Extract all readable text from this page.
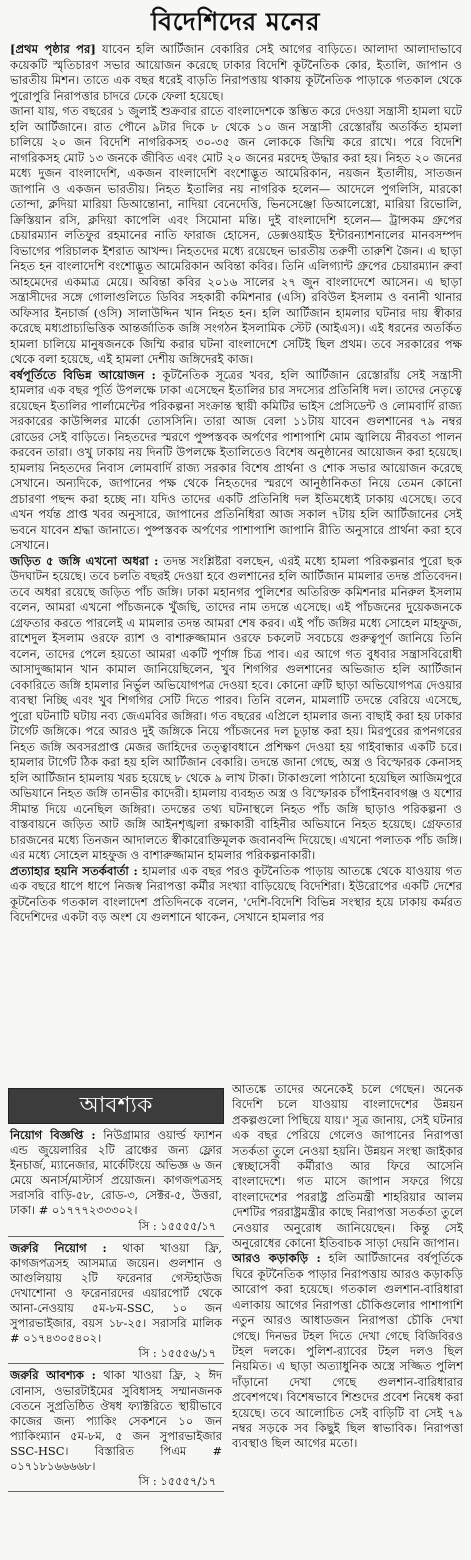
বিদেশিদের মনের

[প্রথম পৃষ্ঠার পর] যাবেন হলি আর্টিজান বেকারির সেই আগের বাড়িতে। আলাদা আলাদাভাবে কয়েকটি স্মৃতিচারণ সভার আয়োজন করেছে ঢাকার বিদেশি কূটনৈতিক কোর, ইতালি, জাপান ও ভারতীয় মিশন। তাতে এক বছর ধরেই বাড়তি নিরাপত্তায় থাকায় কূটনৈতিক পাড়াকে গতকাল থেকে পুরোপুরি নিরাপত্তার চাদরে ঢেকে ফেলা হয়েছে।

জানা যায়, গত বছরের ১ জুলাই শুক্রবার রাতে বাংলাদেশকে স্তম্ভিত করে দেওয়া সন্ত্রাসী হামলা ঘটে হলি আর্টিজানে। রাত পৌনে ৯টার দিকে ৮ থেকে ১০ জন সন্ত্রাসী রেস্তোরাঁয় অতর্কিত হামলা চালিয়ে ২০ জন বিদেশি নাগরিকসহ ৩০-৩৫ জন লোককে জিম্মি করে রাখে। পরে বিদেশি নাগরিকসহ মোট ১৩ জনকে জীবিত এবং মোট ২০ জনের মরদেহ উদ্ধার করা হয়। নিহত ২০ জনের মধ্যে দুজন বাংলাদেশি, একজন বাংলাদেশি বংশোদ্ভূত আমেরিকান, নয়জন ইতালীয়, সাতজন জাপানি ও একজন ভারতীয়। নিহত ইতালির নয় নাগরিক হলেন— আদেলে পুগলিসি, মারকো তোন্দা, ক্লদিয়া মারিয়া ডিআন্তোনা, নাদিয়া বেনেদেত্তি, ভিনসেঞ্জো ডিআলেস্ত্রো, মারিয়া রিভোলি, ক্রিস্তিয়ান রসি, ক্লদিয়া কাপেলি এবং সিমোনা মন্তি। দুই বাংলাদেশি হলেন— ট্রান্সকম গ্রুপের চেয়ারম্যান লতিফুর রহমানের নাতি ফারাজ হোসেন, ডেক্সওয়াইড ইন্টারন্যাশনালের মানবসম্পদ বিভাগের পরিচালক ইশরাত আখন্দ। নিহতদের মধ্যে রয়েছেন ভারতীয় তরুণী তারুশি জৈন। এ ছাড়া নিহত হন বাংলাদেশি বংশোদ্ভূত আমেরিকান অবিন্তা কবির। তিনি এলিগ্যান্ট গ্রুপের চেয়ারম্যান রুবা আহমেদের একমাত্র মেয়ে। অবিন্তা কবির ২০১৬ সালের ২৭ জুন বাংলাদেশে আসেন। এ ছাড়া সন্ত্রাসীদের সঙ্গে গোলাগুলিতে ডিবির সহকারী কমিশনার (এসি) রবিউল ইসলাম ও বনানী থানার অফিসার ইনচার্জ (ওসি) সালাউদ্দিন খান নিহত হন। হলি আর্টিজান হামলার ঘটনার দায় স্বীকার করেছে মধ্যপ্রাচ্যভিত্তিক আন্তর্জাতিক জঙ্গি সংগঠন ইসলামিক স্টেট (আইএস)। এই ধরনের অতর্কিত হামলা চালিয়ে মানুষজনকে জিম্মি করার ঘটনা বাংলাদেশে সেটিই ছিল প্রথম। তবে সরকারের পক্ষ থেকে বলা হয়েছে, এই হামলা দেশীয় জঙ্গিদেরই কাজ।

বর্ষপূর্তিতে বিভিন্ন আয়োজন : কূটনৈতিক সূত্রের খবর, হলি আর্টিজান রেস্তোরাঁয় সেই সন্ত্রাসী হামলার এক বছর পূর্তি উপলক্ষে ঢাকা এসেছেন ইতালির চার সদস্যের প্রতিনিধি দল। তাদের নেতৃত্বে রয়েছেন ইতালির পার্লামেন্টের পরিকল্পনা সংক্রান্ত স্থায়ী কমিটির ভাইস প্রেসিডেন্ট ও লোমবার্দি রাজ্য সরকারের কাউন্সিলর মার্কো তোসসিনি। তারা আজ বেলা ১১টায় যাবেন গুলশানের ৭৯ নম্বর রোডের সেই বাড়িতে। নিহতদের স্মরণে পুষ্পস্তবক অর্পণের পাশাপাশি মোম জ্বালিয়ে নীরবতা পালন করবেন তারা। ওখু ঢাকায় নয় দিনটি উপলক্ষে ইতালিতেও বিশেষ অনুষ্ঠানের আয়োজন করা হয়েছে। হামলায় নিহতদের নিবাস লোমবার্দি রাজ্য সরকার বিশেষ প্রার্থনা ও শোক সভার আয়োজন করেছে সেখানে। অন্যদিকে, জাপানের পক্ষ থেকে নিহতদের স্মরণে আনুষ্ঠানিকতা নিয়ে তেমন কোনো প্রচারণা পছন্দ করা হচ্ছে না। যদিও তাদের একটি প্রতিনিধি দল ইতিমধ্যেই ঢাকায় এসেছে। তবে এখন পর্যন্ত প্রাপ্ত খবর অনুসারে, জাপানের প্রতিনিধিরা আজ সকাল ৭টায় হলি আর্টিজানের সেই ভবনে যাবেন শ্রদ্ধা জানাতে। পুষ্পস্তবক অর্পণের পাশাপাশি জাপানি রীতি অনুসারে প্রার্থনা করা হবে সেখানে।

জড়িত ৫ জঙ্গি এখনো অধরা : তদন্ত সংশ্লিষ্টরা বলছেন, এরই মধ্যে হামলা পরিকল্পনার পুরো ছক উদঘাটন হয়েছে। তবে চলতি বছরই দেওয়া হবে গুলশানের হলি আর্টিজান মামলার তদন্ত প্রতিবেদন। তবে অধরা রয়েছে জড়িত পাঁচ জঙ্গি। ঢাকা মহানগর পুলিশের অতিরিক্ত কমিশনার মনিরুল ইসলাম বলেন, আমরা এখনো পাঁচজনকে খুঁজছি, তাদের নাম তদন্তে এসেছে। এই পাঁচজনের দুয়েকজনকে গ্রেফতার করতে পারলেই এ মামলার তদন্ত আমরা শেষ করব। এই পাঁচ জঙ্গির মধ্যে সোহেল মাহফুজ, রাশেদুল ইসলাম ওরফে র‌্যাশ ও বাশারুজ্জামান ওরফে চকলেট সবচেয়ে গুরুত্বপূর্ণ জানিয়ে তিনি বলেন, তাদের পেলে হয়তো আমরা একটি পূর্ণাঙ্গ চিত্র পাব। এর আগে গত বুধবার সন্ত্রাসবিরোধী আসাদুজ্জামান খান কামাল জানিয়েছিলেন, খুব শিগগির গুলশানের অভিজাত হলি আর্টিজান বেকারিতে জঙ্গি হামলার নির্ভুল অভিযোগপত্র দেওয়া হবে। কোনো ত্রুটি ছাড়া অভিযোগপত্র দেওয়ার ব্যবস্থা নিচ্ছি এবং খুব শিগগির সেটি দিতে পারব। তিনি বলেন, মামলাটি তদন্তে বেরিয়ে এসেছে, পুরো ঘটনাটি ঘটায় নব্য জেএমবির জঙ্গিরা। গত বছরের এপ্রিলে হামলার জন্য বাছাই করা হয় ঢাকার টার্গেট জঙ্গিকে। পরে আরও দুই জঙ্গিকে নিয়ে পাঁচজনের দল চূড়ান্ত করা হয়। মিরপুরের রূপনগরের নিহত জঙ্গি অবসরপ্রাপ্ত মেজর জাহিদের তত্ত্বাবধানে প্রশিক্ষণ দেওয়া হয় গাইবান্ধার একটি চরে। হামলার টার্গেট ঠিক করা হয় হলি আর্টিজান বেকারি। তদন্তে জানা গেছে, অস্ত্র ও বিস্ফোরক কেনাসহ হলি আর্টিজান হামলায় খরচ হয়েছে ৮ থেকে ৯ লাখ টাকা। টাকাগুলো পাঠানো হয়েছিল আজিমপুরে অভিযানে নিহত জঙ্গি তানভীর কাদেরী। হামলায় ব্যবহৃত অস্ত্র ও বিস্ফোরক চাঁপাইনবাবগঞ্জ ও যশোর সীমান্ত দিয়ে এনেছিল জঙ্গিরা। তদন্তের তথ্য ঘটনাস্থলে নিহত পাঁচ জঙ্গি ছাড়াও পরিকল্পনা ও বাস্তবায়নে জড়িত আট জঙ্গি আইনশৃঙ্খলা রক্ষাকারী বাহিনীর অভিযানে নিহত হয়েছে। গ্রেফতার চারজনের মধ্যে তিনজন আদালতে স্বীকারোক্তিমূলক জবানবন্দি দিয়েছে। এখনো পলাতক পাঁচ জঙ্গি। এর মধ্যে সোহেল মাহফুজ ও বাশারুজ্জামান হামলার পরিকল্পনাকারী।

প্রত্যাহার হয়নি সতর্কবার্তা : হামলার এক বছর পরও কূটনৈতিক পাড়ায় আতঙ্কে থেকে যাওয়ায় গত এক বছরে ধাপে ধাপে নিজস্ব নিরাপত্তা কর্মীর সংখ্যা বাড়িয়েছে বিদেশিরা। ইউরোপের একটি দেশের কূটনৈতিক গতকাল বাংলাদেশ প্রতিদিনকে বলেন, 'দেশি-বিদেশি বিভিন্ন সংস্থার হয়ে ঢাকায় কর্মরত বিদেশিদের একটা বড় অংশ যে গুলশানে থাকেন, সেখানে হামলার পর

আবশ্যক
নিয়োগ বিজ্ঞপ্তি : নিউগ্রামার ওয়ার্ল্ড ফ্যাশন এন্ড জুয়েলারির ২টি ব্রাঞ্চের জন্য ফ্লোর ইনচার্জ, ম্যানেজার, মার্কেটিংয়ে অভিজ্ঞ ৬ জন মেয়ে অনার্স/মাস্টার্স প্রয়োজন। কাগজপত্রসহ সরাসরি বাড়ি-৫৮, রোড-৩, সেক্টর-৫, উত্তরা, ঢাকা। # ০১৭৭৭২৩৩৩০২।
সি : ১৫৫৫৫/১৭
জরুরি নিয়োগ : থাকা খাওয়া ফ্রি, কাগজপত্রসহ আসমাত্র জয়েন। গুলশান ও আগুলিয়ায় ২টি ফরেনার গেস্টহাউজ দেখাশোনা ও ফরেনারদের এয়ারপোর্ট থেকে আনা-নেওয়ায় ৫ম-৮ম-SSC, ১০ জন সুপারভাইজার, বয়স ১৮-২৫। সরাসরি মালিক # ০১৭৪৩০৫৪০২।
সি : ১৫৫৫৬/১৭
জরুরি আবশ্যক : থাকা খাওয়া ফ্রি, ২ ঈদ বোনাস, ওভারটাইমের সুবিধাসহ সম্মানজনক বেতনে সুপ্রতিষ্ঠিত ঔষধ ফ্যাক্টরিতে স্থায়ীভাবে কাজের জন্য প্যাকিং সেকশনে ১০ জন প্যাকিংম্যান ৫ম-৮ম, ৫ জন সুপারভাইজার SSC-HSC। বিস্তারিত পিএম # ০১৭১৮১৬৬৬৬৮।
সি : ১৫৫৫৭/১৭

আতঙ্কে তাদের অনেকেই চলে গেছেন। অনেক বিদেশি চলে যাওয়ায় বাংলাদেশের উন্নয়ন প্রকল্পগুলো পিছিয়ে যায়।' সূত্র জানায়, সেই ঘটনার এক বছর পেরিয়ে গেলেও জাপানের নিরাপত্তা সতর্কতা তুলে নেওয়া হয়নি। উন্নয়ন সংস্থা জাইকার স্বেচ্ছাসেবী কর্মীরাও আর ফিরে আসেনি বাংলাদেশে। গত মাসে জাপান সফরে গিয়ে বাংলাদেশের পররাষ্ট্র প্রতিমন্ত্রী শাহরিয়ার আলম দেশটির পররাষ্ট্রমন্ত্রীর কাছে নিরাপত্তা সতর্কতা তুলে নেওয়ার অনুরোধ জানিয়েছেন। কিন্তু সেই অনুরোধের কোনো ইতিবাচক সাড়া দেয়নি জাপান।

আরও কড়াকড়ি : হলি আর্টিজানের বর্ষপূর্তিকে ঘিরে কূটনৈতিক পাড়ার নিরাপত্তায় আরও কড়াকড়ি আরোপ করা হয়েছে। গতকাল গুলশান-বারিধারা এলাকায় আগের নিরাপত্তা চৌকিগুলোর পাশাপাশি নতুন আরও আধাডজন নিরাপত্তা চৌকি দেখা গেছে। দিনভর টহল দিতে দেখা গেছে বিজিবিরও টহল দলকে। পুলিশ-র‌্যাবের টহল দলও ছিল নিয়মিত। এ ছাড়া অত্যাধুনিক অস্ত্রে সজ্জিত পুলিশ দাঁড়ানো দেখা গেছে গুলশান-বারিধারার প্রবেশপথে। বিশেষভাবে শিশুদের প্রবেশ নিষেধ করা হয়েছে। তবে আলোচিত সেই বাড়িটি বা সেই ৭৯ নম্বর সড়কে সব কিছুই ছিল স্বাভাবিক। নিরাপত্তা ব্যবস্থাও ছিল আগের মতো।
